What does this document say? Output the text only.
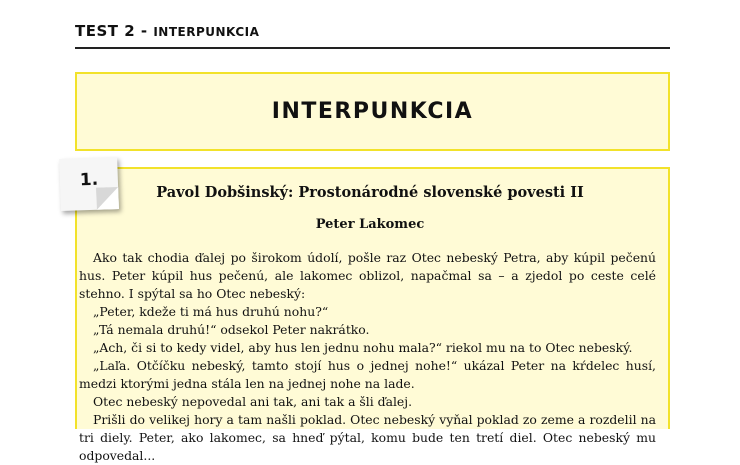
TEST 2 - INTERPUNKCIA
INTERPUNKCIA
1.
Pavol Dobšinský: Prostonárodné slovenské povesti II
Peter Lakomec

Ako tak chodia ďalej po širokom údolí, pošle raz Otec nebeský Petra, aby kúpil pečenú hus. Peter kúpil hus pečenú, ale lakomec oblizol, napačmal sa – a zjedol po ceste celé stehno. I spýtal sa ho Otec nebeský:

„Peter, kdeže ti má hus druhú nohu?“

„Tá nemala druhú!“ odsekol Peter nakrátko.

„Ach, či si to kedy videl, aby hus len jednu nohu mala?“ riekol mu na to Otec nebeský.

„Laľa. Otčíčku nebeský, tamto stojí hus o jednej nohe!“ ukázal Peter na kŕdelec husí, medzi ktorými jedna stála len na jednej nohe na lade.

Otec nebeský nepovedal ani tak, ani tak a šli ďalej.

Prišli do velikej hory a tam našli poklad. Otec nebeský vyňal poklad zo zeme a rozdelil na tri diely. Peter, ako lakomec, sa hneď pýtal, komu bude ten tretí diel. Otec nebeský mu odpovedal...
